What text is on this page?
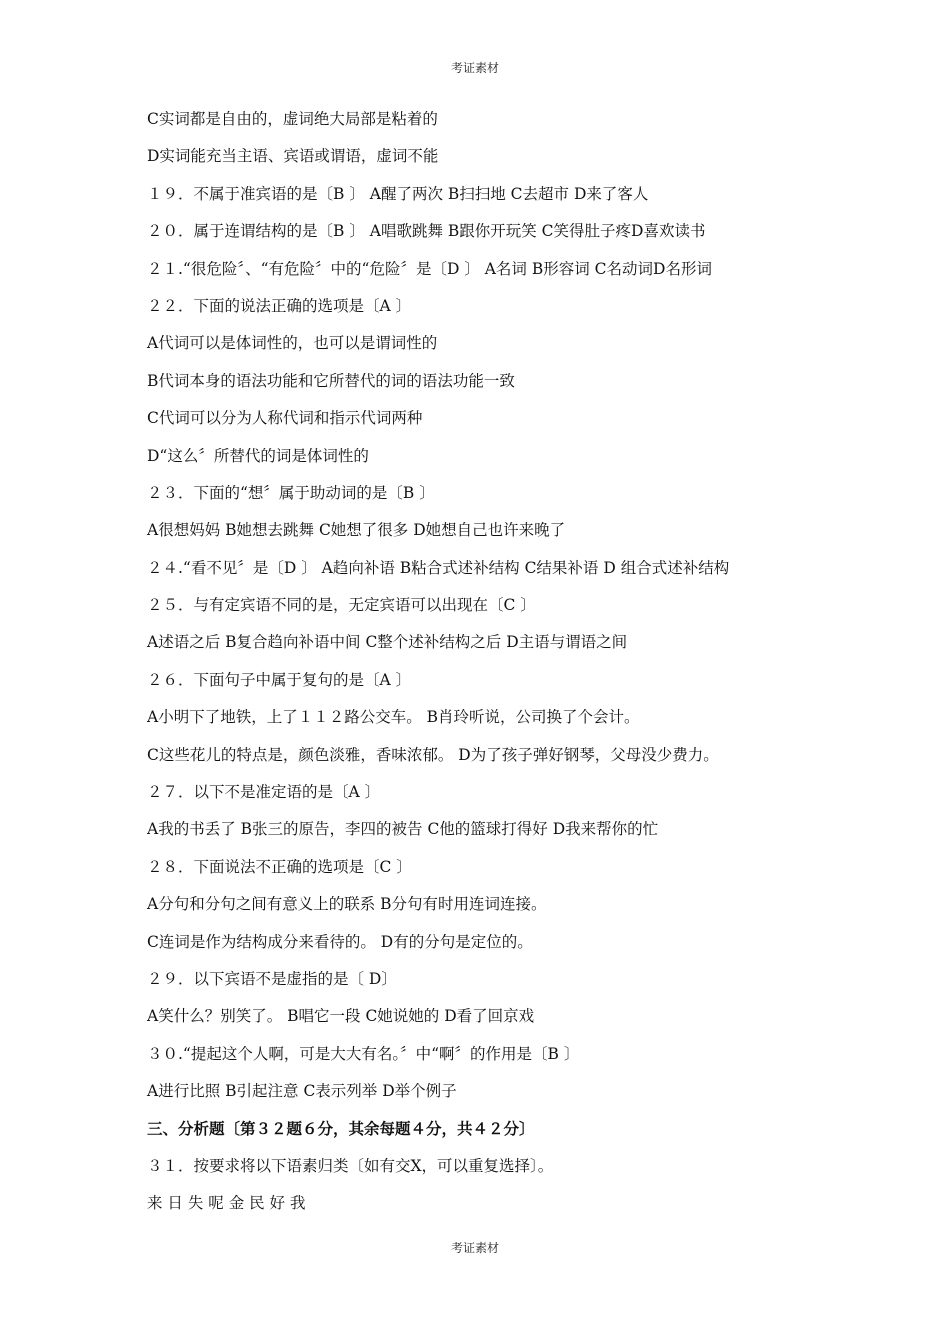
考证素材
C实词都是自由的，虚词绝大局部是粘着的
D实词能充当主语、宾语或谓语，虚词不能
１９．不属于准宾语的是〔B 〕 A醒了两次 B扫扫地 C去超市 D来了客人
２０．属于连谓结构的是〔B 〕 A唱歌跳舞 B跟你开玩笑 C笑得肚子疼D喜欢读书
２１.“很危险〞、“有危险〞中的“危险〞是〔D 〕 A名词 B形容词 C名动词D名形词
２２．下面的说法正确的选项是〔A 〕
A代词可以是体词性的，也可以是谓词性的
B代词本身的语法功能和它所替代的词的语法功能一致
C代词可以分为人称代词和指示代词两种
D“这么〞所替代的词是体词性的
２３．下面的“想〞属于助动词的是〔B 〕
A很想妈妈 B她想去跳舞 C她想了很多 D她想自己也许来晚了
２４.“看不见〞是〔D 〕 A趋向补语 B粘合式述补结构 C结果补语 D 组合式述补结构
２５．与有定宾语不同的是，无定宾语可以出现在〔C 〕
A述语之后 B复合趋向补语中间 C整个述补结构之后 D主语与谓语之间
２６．下面句子中属于复句的是〔A 〕
A小明下了地铁，上了１１２路公交车。 B肖玲听说，公司换了个会计。
C这些花儿的特点是，颜色淡雅，香味浓郁。 D为了孩子弹好钢琴，父母没少费力。
２７．以下不是准定语的是〔A 〕
A我的书丢了 B张三的原告，李四的被告 C他的篮球打得好 D我来帮你的忙
２８．下面说法不正确的选项是〔C 〕
A分句和分句之间有意义上的联系 B分句有时用连词连接。
C连词是作为结构成分来看待的。 D有的分句是定位的。
２９．以下宾语不是虚指的是〔 D〕
A笑什么？别笑了。 B唱它一段 C她说她的 D看了回京戏
３０.“提起这个人啊，可是大大有名。〞中“啊〞的作用是〔B 〕
A进行比照 B引起注意 C表示列举 D举个例子
三、分析题〔第３２题６分，其余每题４分，共４２分〕
３１．按要求将以下语素归类〔如有交X，可以重复选择〕。
来 日 失 呢 金 民 好 我
考证素材
